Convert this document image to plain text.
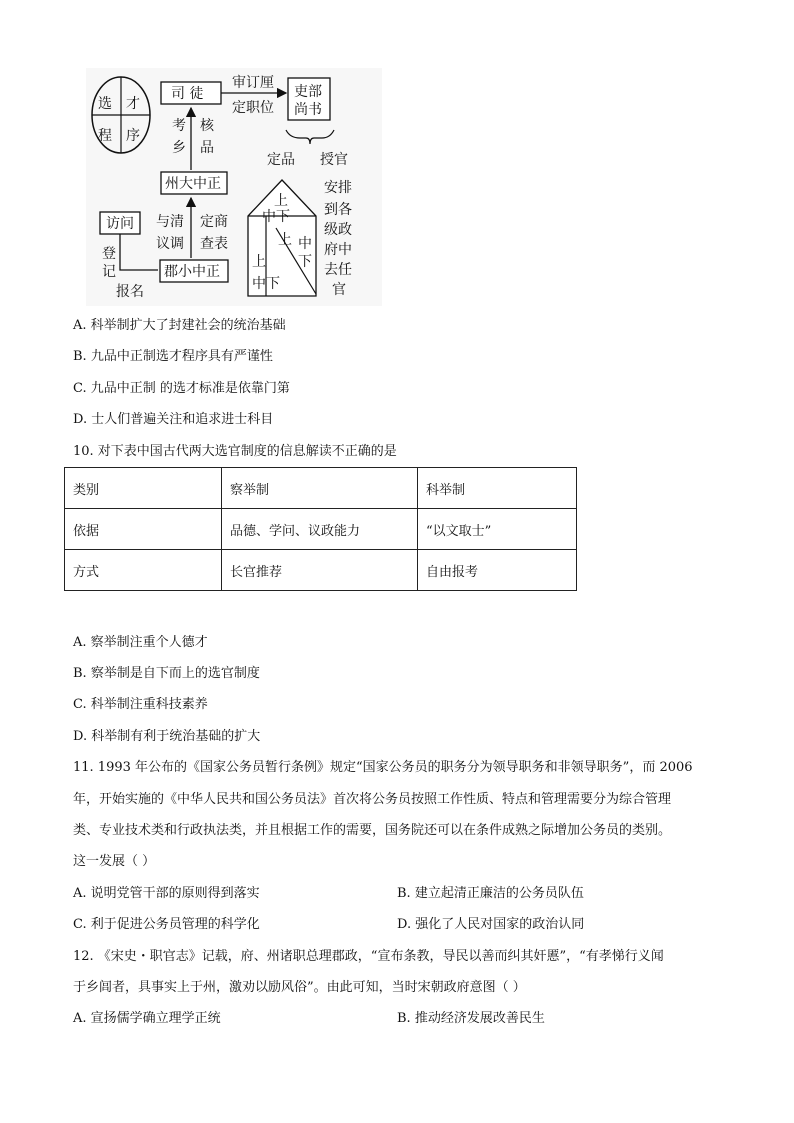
选 才
程 序
司 徒
审订厘
定职位
吏部
尚书
定品 授官
考
乡
核
品
州大中正
与清
议调
定商
查表
访问
登
记	郡小中正
报名
上
中下
上 中
下
上
中下
安排
到各
级政
府中
去任
官
A. 科举制扩大了封建社会的统治基础
B. 九品中正制选才程序具有严谨性
C. 九品中正制 的选才标准是依靠门第
D. 士人们普遍关注和追求进士科目
10. 对下表中国古代两大选官制度的信息解读不正确的是
类别	察举制	科举制
依据	品德、学问、议政能力	“以文取士”
方式	长官推荐	自由报考
A. 察举制注重个人德才
B. 察举制是自下而上的选官制度
C. 科举制注重科技素养
D. 科举制有利于统治基础的扩大
11. 1993 年公布的《国家公务员暂行条例》规定“国家公务员的职务分为领导职务和非领导职务”，而 2006
年，开始实施的《中华人民共和国公务员法》首次将公务员按照工作性质、特点和管理需要分为综合管理
类、专业技术类和行政执法类，并且根据工作的需要，国务院还可以在条件成熟之际增加公务员的类别。
这一发展（ ）
A. 说明党管干部的原则得到落实	B. 建立起清正廉洁的公务员队伍
C. 利于促进公务员管理的科学化	D. 强化了人民对国家的政治认同
12. 《宋史・职官志》记载，府、州诸职总理郡政，“宣布条教，导民以善而纠其奸慝”，“有孝悌行义闻
于乡闾者，具事实上于州，激劝以励风俗”。由此可知，当时宋朝政府意图（ ）
A. 宣扬儒学确立理学正统	B. 推动经济发展改善民生
